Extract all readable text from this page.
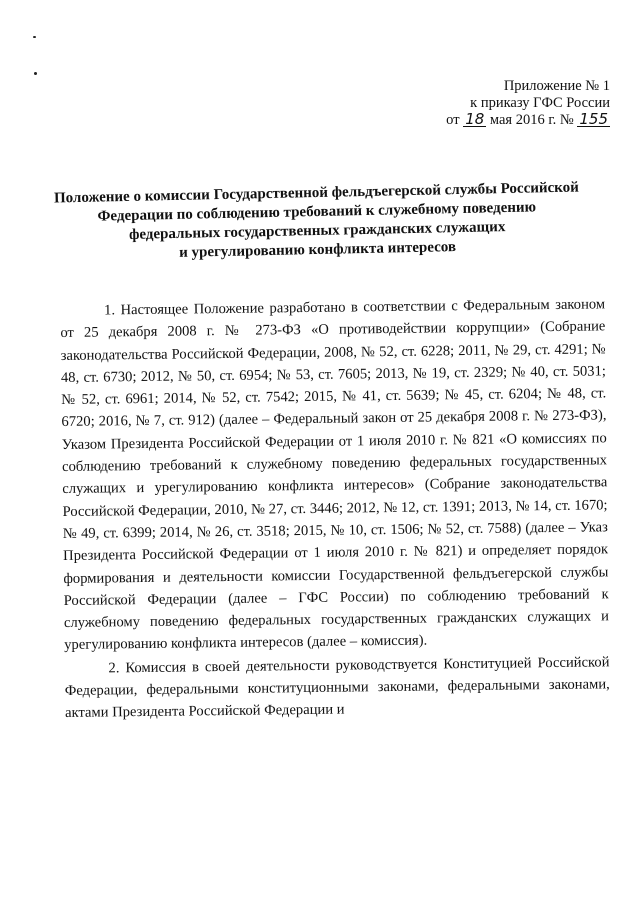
Приложение № 1
к приказу ГФС России
от 18 мая 2016 г. № 155
Положение о комиссии Государственной фельдъегерской службы Российской
Федерации по соблюдению требований к служебному поведению
федеральных государственных гражданских служащих
и урегулированию конфликта интересов

1. Настоящее Положение разработано в соответствии с Федеральным законом от 25 декабря 2008 г. № 273-ФЗ «О противодействии коррупции» (Собрание законодательства Российской Федерации, 2008, № 52, ст. 6228; 2011, № 29, ст. 4291; № 48, ст. 6730; 2012, № 50, ст. 6954; № 53, ст. 7605; 2013, № 19, ст. 2329; № 40, ст. 5031; № 52, ст. 6961; 2014, № 52, ст. 7542; 2015, № 41, ст. 5639; № 45, ст. 6204; № 48, ст. 6720; 2016, № 7, ст. 912) (далее – Федеральный закон от 25 декабря 2008 г. № 273-ФЗ), Указом Президента Российской Федерации от 1 июля 2010 г. № 821 «О комиссиях по соблюдению требований к служебному поведению федеральных государственных служащих и урегулированию конфликта интересов» (Собрание законодательства Российской Федерации, 2010, № 27, ст. 3446; 2012, № 12, ст. 1391; 2013, № 14, ст. 1670; № 49, ст. 6399; 2014, № 26, ст. 3518; 2015, № 10, ст. 1506; № 52, ст. 7588) (далее – Указ Президента Российской Федерации от 1 июля 2010 г. № 821) и определяет порядок формирования и деятельности комиссии Государственной фельдъегерской службы Российской Федерации (далее – ГФС России) по соблюдению требований к служебному поведению федеральных государственных гражданских служащих и урегулированию конфликта интересов (далее – комиссия).

2. Комиссия в своей деятельности руководствуется Конституцией Российской Федерации, федеральными конституционными законами, федеральными законами, актами Президента Российской Федерации и
